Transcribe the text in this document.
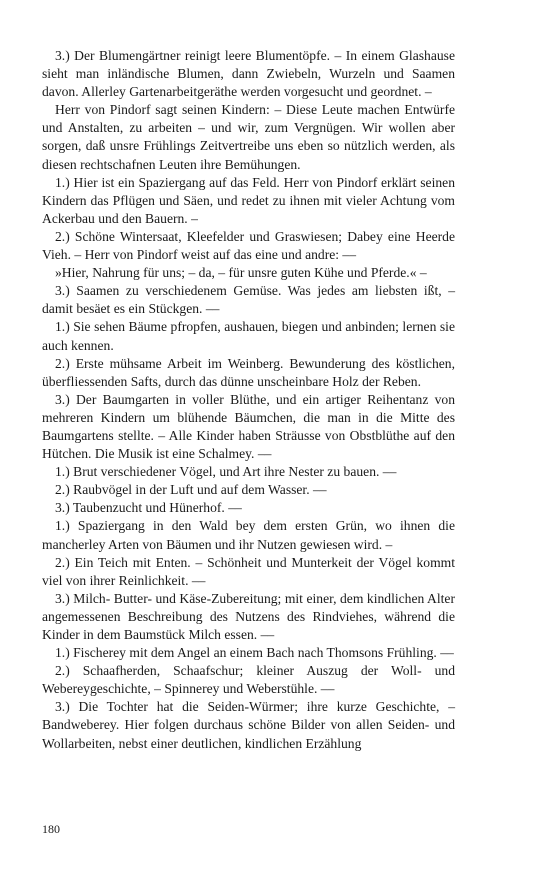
3.) Der Blumengärtner reinigt leere Blumentöpfe. – In einem Glashause sieht man inländische Blumen, dann Zwiebeln, Wurzeln und Saamen davon. Allerley Gartenarbeitgeräthe werden vorgesucht und geordnet. –

Herr von Pindorf sagt seinen Kindern: – Diese Leute machen Entwürfe und Anstalten, zu arbeiten – und wir, zum Vergnügen. Wir wollen aber sorgen, daß unsre Frühlings Zeitvertreibe uns eben so nützlich werden, als diesen rechtschafnen Leuten ihre Bemühungen.

1.) Hier ist ein Spaziergang auf das Feld. Herr von Pindorf erklärt seinen Kindern das Pflügen und Säen, und redet zu ihnen mit vieler Achtung vom Ackerbau und den Bauern. –

2.) Schöne Wintersaat, Kleefelder und Graswiesen; Dabey eine Heerde Vieh. – Herr von Pindorf weist auf das eine und andre: ––

»Hier, Nahrung für uns; – da, – für unsre guten Kühe und Pferde.« –

3.) Saamen zu verschiedenem Gemüse. Was jedes am liebsten ißt, – damit besäet es ein Stückgen. ––

1.) Sie sehen Bäume pfropfen, aushauen, biegen und anbinden; lernen sie auch kennen.

2.) Erste mühsame Arbeit im Weinberg. Bewunderung des köstlichen, überfliessenden Safts, durch das dünne unscheinbare Holz der Reben.

3.) Der Baumgarten in voller Blüthe, und ein artiger Reihentanz von mehreren Kindern um blühende Bäumchen, die man in die Mitte des Baumgartens stellte. – Alle Kinder haben Sträusse von Obstblüthe auf den Hütchen. Die Musik ist eine Schalmey. ––

1.) Brut verschiedener Vögel, und Art ihre Nester zu bauen. ––

2.) Raubvögel in der Luft und auf dem Wasser. ––

3.) Taubenzucht und Hünerhof. ––

1.) Spaziergang in den Wald bey dem ersten Grün, wo ihnen die mancherley Arten von Bäumen und ihr Nutzen gewiesen wird. –

2.) Ein Teich mit Enten. – Schönheit und Munterkeit der Vögel kommt viel von ihrer Reinlichkeit. ––

3.) Milch- Butter- und Käse-Zubereitung; mit einer, dem kindlichen Alter angemessenen Beschreibung des Nutzens des Rindviehes, während die Kinder in dem Baumstück Milch essen. ––

1.) Fischerey mit dem Angel an einem Bach nach Thomsons Frühling. ––

2.) Schaafherden, Schaafschur; kleiner Auszug der Woll- und Webereygeschichte, – Spinnerey und Weberstühle. ––

3.) Die Tochter hat die Seiden-Würmer; ihre kurze Geschichte, – Bandweberey. Hier folgen durchaus schöne Bilder von allen Seiden- und Wollarbeiten, nebst einer deutlichen, kindlichen Erzählung

180
